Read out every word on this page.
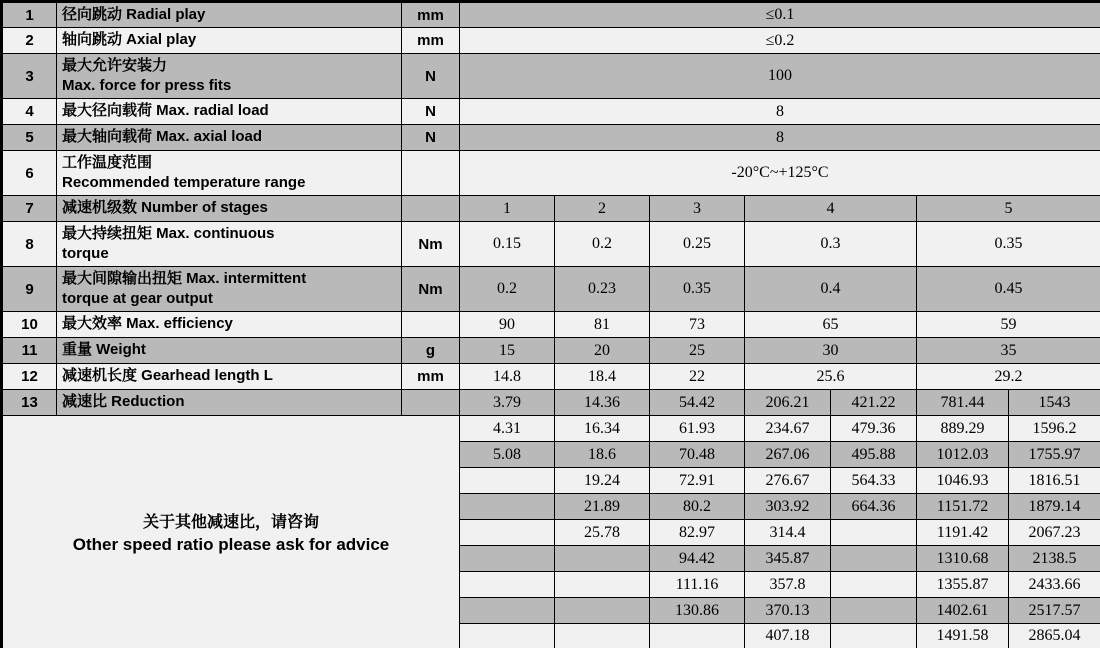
1	径向跳动 Radial play	mm	≤0.1						
2	轴向跳动 Axial play	mm	≤0.2						
3	最大允许安装力
Max. force for press fits	N	100						
4	最大径向载荷 Max. radial load	N	8						
5	最大轴向载荷 Max. axial load	N	8						
6	工作温度范围
Recommended temperature range		-20°C~+125°C						
7	减速机级数 Number of stages		1	2	3	4		5	
8	最大持续扭矩 Max. continuous
torque	Nm	0.15	0.2	0.25	0.3		0.35	
9	最大间隙输出扭矩 Max. intermittent
torque at gear output	Nm	0.2	0.23	0.35	0.4		0.45	
10	最大效率 Max. efficiency		90	81	73	65		59	
11	重量 Weight	g	15	20	25	30		35	
12	减速机长度 Gearhead length L	mm	14.8	18.4	22	25.6		29.2	
13	减速比 Reduction		3.79	14.36	54.42	206.21	421.22	781.44	1543

关于其他减速比，请咨询
Other speed ratio please ask for advice			4.31	16.34	61.93	234.67	479.36	889.29	1596.2
			5.08	18.6	70.48	267.06	495.88	1012.03	1755.97
				19.24	72.91	276.67	564.33	1046.93	1816.51
				21.89	80.2	303.92	664.36	1151.72	1879.14
				25.78	82.97	314.4		1191.42	2067.23
					94.42	345.87		1310.68	2138.5
					111.16	357.8		1355.87	2433.66
					130.86	370.13		1402.61	2517.57
						407.18		1491.58	2865.04
